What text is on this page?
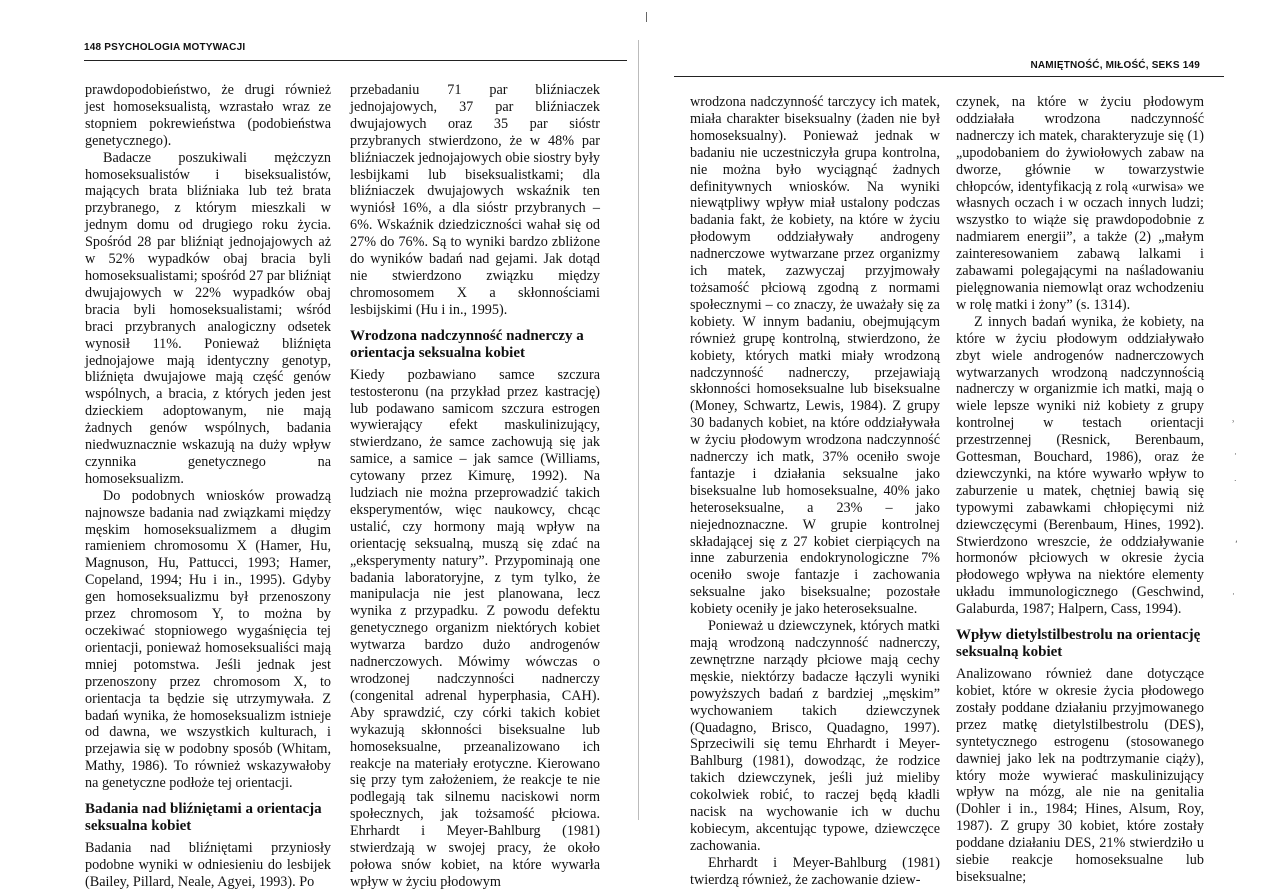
148 PSYCHOLOGIA MOTYWACJI

prawdopodobieństwo, że drugi również jest homoseksualistą, wzrastało wraz ze stopniem pokrewieństwa (podobieństwa genetycznego).

Badacze poszukiwali mężczyzn homoseksualistów i biseksualistów, mających brata bliźniaka lub też brata przybranego, z którym mieszkali w jednym domu od drugiego roku życia. Spośród 28 par bliźniąt jednojajowych aż w 52% wypadków obaj bracia byli homoseksualistami; spośród 27 par bliźniąt dwujajowych w 22% wypadków obaj bracia byli homoseksualistami; wśród braci przybranych analogiczny odsetek wynosił 11%. Ponieważ bliźnięta jednojajowe mają identyczny genotyp, bliźnięta dwujajowe mają część genów wspólnych, a bracia, z których jeden jest dzieckiem adoptowanym, nie mają żadnych genów wspólnych, badania niedwuznacznie wskazują na duży wpływ czynnika genetycznego na homoseksualizm.

Do podobnych wniosków prowadzą najnowsze badania nad związkami między męskim homoseksualizmem a długim ramieniem chromosomu X (Hamer, Hu, Magnuson, Hu, Pattucci, 1993; Hamer, Copeland, 1994; Hu i in., 1995). Gdyby gen homoseksualizmu był przenoszony przez chromosom Y, to można by oczekiwać stopniowego wygaśnięcia tej orientacji, ponieważ homoseksualiści mają mniej potomstwa. Jeśli jednak jest przenoszony przez chromosom X, to orientacja ta będzie się utrzymywała. Z badań wynika, że homoseksualizm istnieje od dawna, we wszystkich kulturach, i przejawia się w podobny sposób (Whitam, Mathy, 1986). To również wskazywałoby na genetyczne podłoże tej orientacji.

Badania nad bliźniętami a orientacja seksualna kobiet

Badania nad bliźniętami przyniosły podobne wyniki w odniesieniu do lesbijek (Bailey, Pillard, Neale, Agyei, 1993). Po

przebadaniu 71 par bliźniaczek jednojajowych, 37 par bliźniaczek dwujajowych oraz 35 par sióstr przybranych stwierdzono, że w 48% par bliźniaczek jednojajowych obie siostry były lesbijkami lub biseksualistkami; dla bliźniaczek dwujajowych wskaźnik ten wyniósł 16%, a dla sióstr przybranych – 6%. Wskaźnik dziedziczności wahał się od 27% do 76%. Są to wyniki bardzo zbliżone do wyników badań nad gejami. Jak dotąd nie stwierdzono związku między chromosomem X a skłonnościami lesbijskimi (Hu i in., 1995).

Wrodzona nadczynność nadnerczy a orientacja seksualna kobiet

Kiedy pozbawiano samce szczura testosteronu (na przykład przez kastrację) lub podawano samicom szczura estrogen wywierający efekt maskulinizujący, stwierdzano, że samce zachowują się jak samice, a samice – jak samce (Williams, cytowany przez Kimurę, 1992). Na ludziach nie można przeprowadzić takich eksperymentów, więc naukowcy, chcąc ustalić, czy hormony mają wpływ na orientację seksualną, muszą się zdać na „eksperymenty natury”. Przypominają one badania laboratoryjne, z tym tylko, że manipulacja nie jest planowana, lecz wynika z przypadku. Z powodu defektu genetycznego organizm niektórych kobiet wytwarza bardzo dużo androgenów nadnerczowych. Mówimy wówczas o wrodzonej nadczynności nadnerczy (congenital adrenal hyperphasia, CAH). Aby sprawdzić, czy córki takich kobiet wykazują skłonności biseksualne lub homoseksualne, przeanalizowano ich reakcje na materiały erotyczne. Kierowano się przy tym założeniem, że reakcje te nie podlegają tak silnemu naciskowi norm społecznych, jak tożsamość płciowa. Ehrhardt i Meyer-Bahlburg (1981) stwierdzają w swojej pracy, że około połowa snów kobiet, na które wywarła wpływ w życiu płodowym

NAMIĘTNOŚĆ, MIŁOŚĆ, SEKS 149

wrodzona nadczynność tarczycy ich matek, miała charakter biseksualny (żaden nie był homoseksualny). Ponieważ jednak w badaniu nie uczestniczyła grupa kontrolna, nie można było wyciągnąć żadnych definitywnych wniosków. Na wyniki niewątpliwy wpływ miał ustalony podczas badania fakt, że kobiety, na które w życiu płodowym oddziaływały androgeny nadnerczowe wytwarzane przez organizmy ich matek, zazwyczaj przyjmowały tożsamość płciową zgodną z normami społecznymi – co znaczy, że uważały się za kobiety. W innym badaniu, obejmującym również grupę kontrolną, stwierdzono, że kobiety, których matki miały wrodzoną nadczynność nadnerczy, przejawiają skłonności homoseksualne lub biseksualne (Money, Schwartz, Lewis, 1984). Z grupy 30 badanych kobiet, na które oddziaływała w życiu płodowym wrodzona nadczynność nadnerczy ich matk, 37% oceniło swoje fantazje i działania seksualne jako biseksualne lub homoseksualne, 40% jako heteroseksualne, a 23% – jako niejednoznaczne. W grupie kontrolnej składającej się z 27 kobiet cierpiących na inne zaburzenia endokrynologiczne 7% oceniło swoje fantazje i zachowania seksualne jako biseksualne; pozostałe kobiety oceniły je jako heteroseksualne.

Ponieważ u dziewczynek, których matki mają wrodzoną nadczynność nadnerczy, zewnętrzne narządy płciowe mają cechy męskie, niektórzy badacze łączyli wyniki powyższych badań z bardziej „męskim” wychowaniem takich dziewczynek (Quadagno, Brisco, Quadagno, 1997). Sprzeciwili się temu Ehrhardt i Meyer-Bahlburg (1981), dowodząc, że rodzice takich dziewczynek, jeśli już mieliby cokolwiek robić, to raczej będą kładli nacisk na wychowanie ich w duchu kobiecym, akcentując typowe, dziewczęce zachowania.

Ehrhardt i Meyer-Bahlburg (1981) twierdzą również, że zachowanie dziew-

czynek, na które w życiu płodowym oddziałała wrodzona nadczynność nadnerczy ich matek, charakteryzuje się (1) „upodobaniem do żywiołowych zabaw na dworze, głównie w towarzystwie chłopców, identyfikacją z rolą «urwisa» we własnych oczach i w oczach innych ludzi; wszystko to wiąże się prawdopodobnie z nadmiarem energii”, a także (2) „małym zainteresowaniem zabawą lalkami i zabawami polegającymi na naśladowaniu pielęgnowania niemowląt oraz wchodzeniu w rolę matki i żony” (s. 1314).

Z innych badań wynika, że kobiety, na które w życiu płodowym oddziaływało zbyt wiele androgenów nadnerczowych wytwarzanych wrodzoną nadczynnością nadnerczy w organizmie ich matki, mają o wiele lepsze wyniki niż kobiety z grupy kontrolnej w testach orientacji przestrzennej (Resnick, Berenbaum, Gottesman, Bouchard, 1986), oraz że dziewczynki, na które wywarło wpływ to zaburzenie u matek, chętniej bawią się typowymi zabawkami chłopięcymi niż dziewczęcymi (Berenbaum, Hines, 1992). Stwierdzono wreszcie, że oddziaływanie hormonów płciowych w okresie życia płodowego wpływa na niektóre elementy układu immunologicznego (Geschwind, Galaburda, 1987; Halpern, Cass, 1994).

Wpływ dietylstilbestrolu na orientację seksualną kobiet

Analizowano również dane dotyczące kobiet, które w okresie życia płodowego zostały poddane działaniu przyjmowanego przez matkę dietylstilbestrolu (DES), syntetycznego estrogenu (stosowanego dawniej jako lek na podtrzymanie ciąży), który może wywierać maskulinizujący wpływ na mózg, ale nie na genitalia (Dohler i in., 1984; Hines, Alsum, Roy, 1987). Z grupy 30 kobiet, które zostały poddane działaniu DES, 21% stwierdziło u siebie reakcje homoseksualne lub biseksualne;

ʾ
·
˙
‘
·
